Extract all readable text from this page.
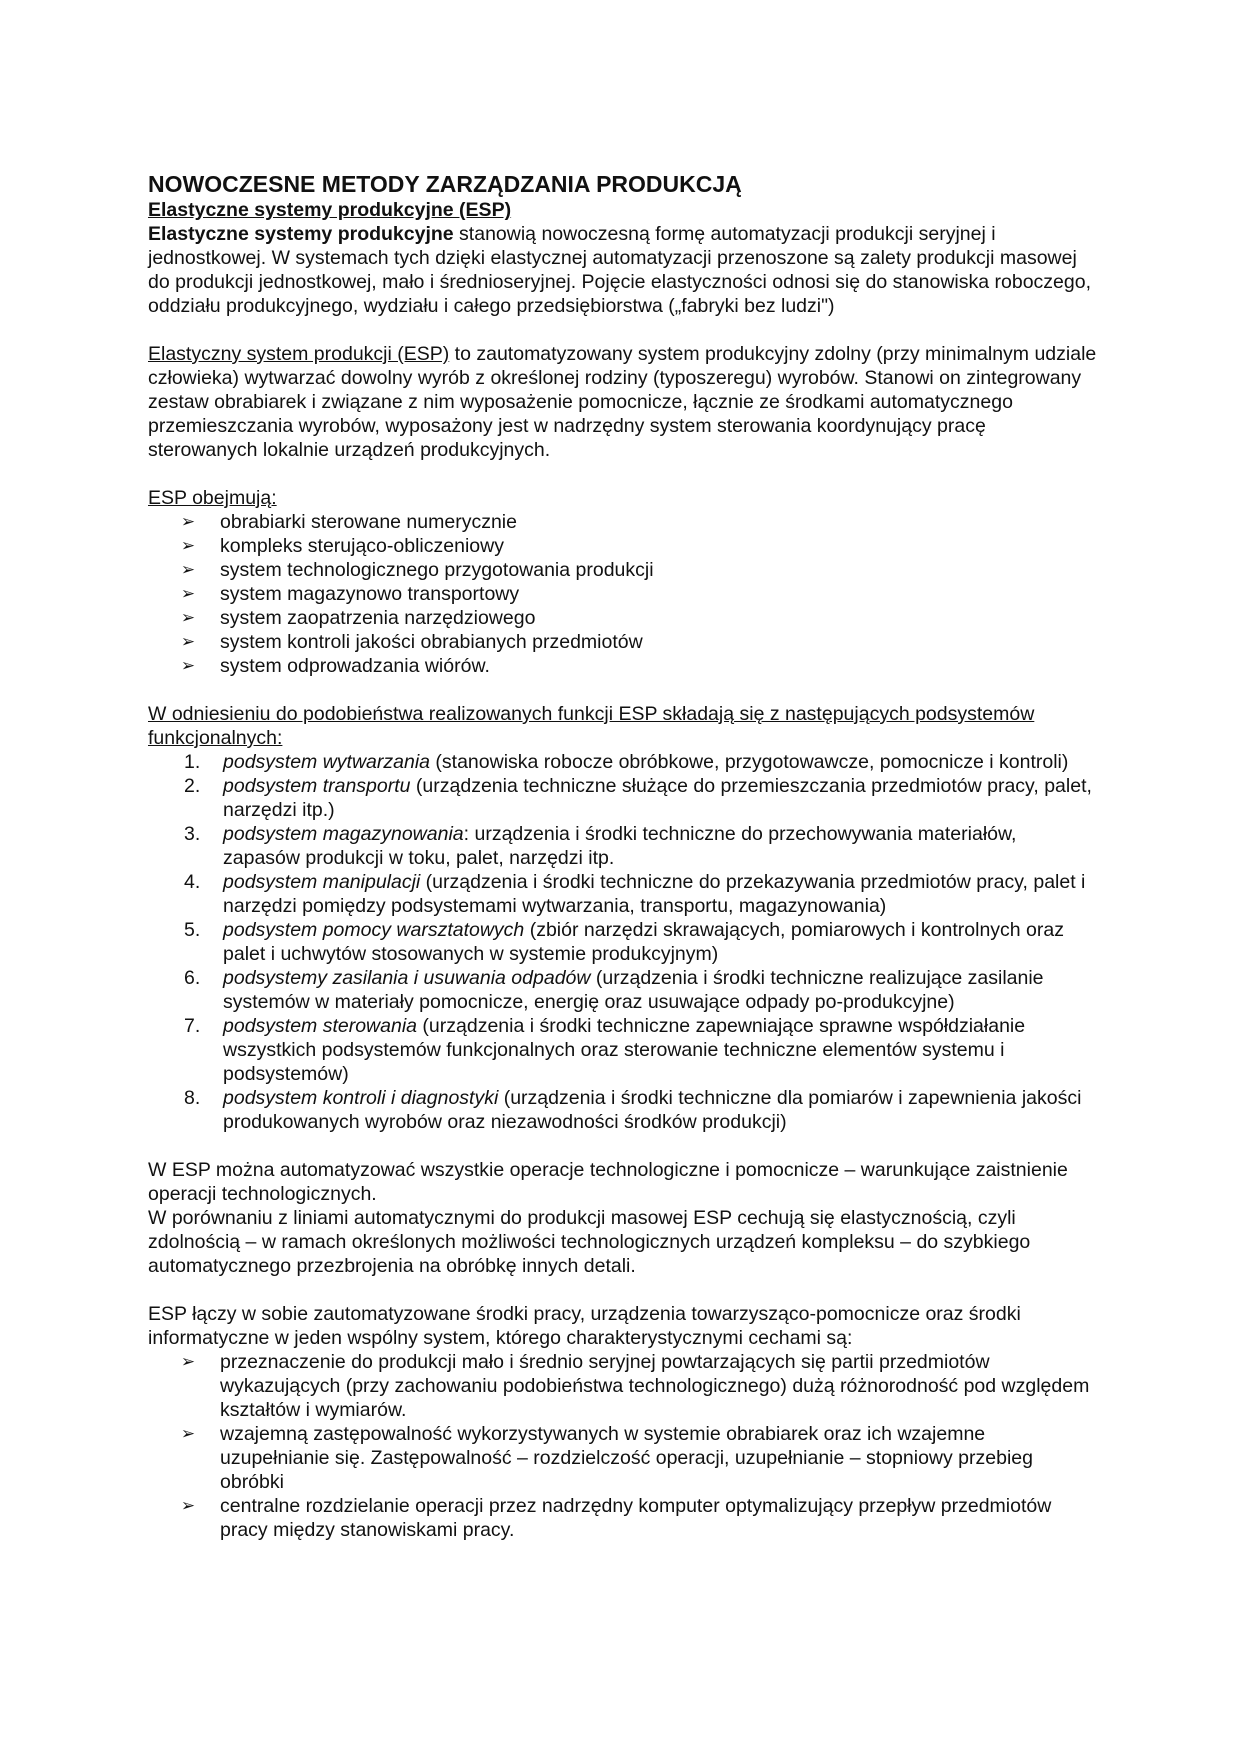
NOWOCZESNE METODY ZARZĄDZANIA PRODUKCJĄ

Elastyczne systemy produkcyjne (ESP)

Elastyczne systemy produkcyjne stanowią nowoczesną formę automatyzacji produkcji seryjnej i jednostkowej. W systemach tych dzięki elastycznej automatyzacji przenoszone są zalety produkcji masowej do produkcji jednostkowej, mało i średnioseryjnej. Pojęcie elastyczności odnosi się do stanowiska roboczego, oddziału produkcyjnego, wydziału i całego przedsiębiorstwa („fabryki bez ludzi")

Elastyczny system produkcji (ESP) to zautomatyzowany system produkcyjny zdolny (przy minimalnym udziale człowieka) wytwarzać dowolny wyrób z określonej rodziny (typoszeregu) wyrobów. Stanowi on zintegrowany zestaw obrabiarek i związane z nim wyposażenie pomocnicze, łącznie ze środkami automatycznego przemieszczania wyrobów, wyposażony jest w nadrzędny system sterowania koordynujący pracę sterowanych lokalnie urządzeń produkcyjnych.

ESP obejmują:

➢ obrabiarki sterowane numerycznie
➢ kompleks sterująco-obliczeniowy
➢ system technologicznego przygotowania produkcji
➢ system magazynowo transportowy
➢ system zaopatrzenia narzędziowego
➢ system kontroli jakości obrabianych przedmiotów
➢ system odprowadzania wiórów.

W odniesieniu do podobieństwa realizowanych funkcji ESP składają się z następujących podsystemów funkcjonalnych:

1. podsystem wytwarzania (stanowiska robocze obróbkowe, przygotowawcze, pomocnicze i kontroli)
2. podsystem transportu (urządzenia techniczne służące do przemieszczania przedmiotów pracy, palet, narzędzi itp.)
3. podsystem magazynowania: urządzenia i środki techniczne do przechowywania materiałów, zapasów produkcji w toku, palet, narzędzi itp.
4. podsystem manipulacji (urządzenia i środki techniczne do przekazywania przedmiotów pracy, palet i narzędzi pomiędzy podsystemami wytwarzania, transportu, magazynowania)
5. podsystem pomocy warsztatowych (zbiór narzędzi skrawających, pomiarowych i kontrolnych oraz palet i uchwytów stosowanych w systemie produkcyjnym)
6. podsystemy zasilania i usuwania odpadów (urządzenia i środki techniczne realizujące zasilanie systemów w materiały pomocnicze, energię oraz usuwające odpady po-produkcyjne)
7. podsystem sterowania (urządzenia i środki techniczne zapewniające sprawne współdziałanie wszystkich podsystemów funkcjonalnych oraz sterowanie techniczne elementów systemu i podsystemów)
8. podsystem kontroli i diagnostyki (urządzenia i środki techniczne dla pomiarów i zapewnienia jakości produkowanych wyrobów oraz niezawodności środków produkcji)

W ESP można automatyzować wszystkie operacje technologiczne i pomocnicze – warunkujące zaistnienie operacji technologicznych.

W porównaniu z liniami automatycznymi do produkcji masowej ESP cechują się elastycznością, czyli zdolnością – w ramach określonych możliwości technologicznych urządzeń kompleksu – do szybkiego automatycznego przezbrojenia na obróbkę innych detali.

ESP łączy w sobie zautomatyzowane środki pracy, urządzenia towarzysząco-pomocnicze oraz środki informatyczne w jeden wspólny system, którego charakterystycznymi cechami są:

➢ przeznaczenie do produkcji mało i średnio seryjnej powtarzających się partii przedmiotów wykazujących (przy zachowaniu podobieństwa technologicznego) dużą różnorodność pod względem kształtów i wymiarów.
➢ wzajemną zastępowalność wykorzystywanych w systemie obrabiarek oraz ich wzajemne uzupełnianie się. Zastępowalność – rozdzielczość operacji, uzupełnianie – stopniowy przebieg obróbki
➢ centralne rozdzielanie operacji przez nadrzędny komputer optymalizujący przepływ przedmiotów pracy między stanowiskami pracy.
